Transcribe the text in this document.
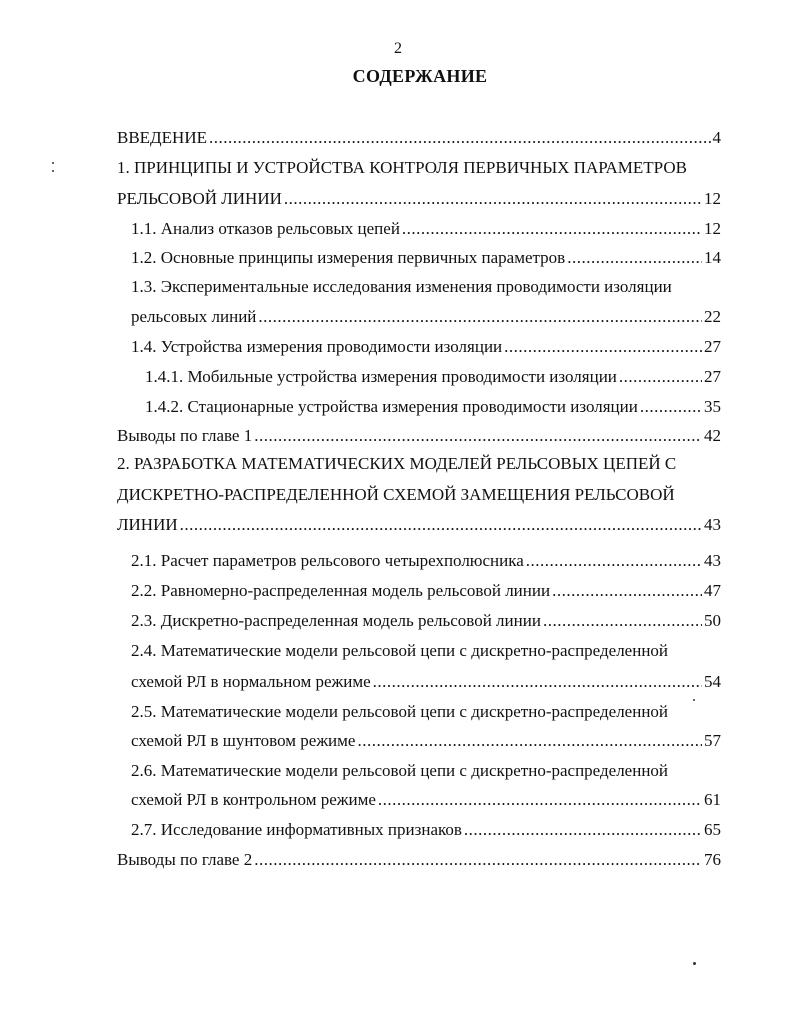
2
СОДЕРЖАНИЕ
ВВЕДЕНИЕ .....	4
1. ПРИНЦИПЫ И УСТРОЙСТВА КОНТРОЛЯ ПЕРВИЧНЫХ ПАРАМЕТРОВ
РЕЛЬСОВОЙ ЛИНИИ .....	12
1.1. Анализ отказов рельсовых цепей .....	12
1.2. Основные принципы измерения первичных параметров .....	14
1.3. Экспериментальные исследования изменения проводимости изоляции
рельсовых линий .....	22
1.4. Устройства измерения проводимости изоляции .....	27
1.4.1. Мобильные устройства измерения проводимости изоляции .....	27
1.4.2. Стационарные устройства измерения проводимости изоляции .....	35
Выводы по главе 1 .....	42
2. РАЗРАБОТКА МАТЕМАТИЧЕСКИХ МОДЕЛЕЙ РЕЛЬСОВЫХ ЦЕПЕЙ С
ДИСКРЕТНО-РАСПРЕДЕЛЕННОЙ СХЕМОЙ ЗАМЕЩЕНИЯ РЕЛЬСОВОЙ
ЛИНИИ .....	43
2.1. Расчет параметров рельсового четырехполюсника .....	43
2.2. Равномерно-распределенная модель рельсовой линии .....	47
2.3. Дискретно-распределенная модель рельсовой линии .....	50
2.4. Математические модели рельсовой цепи с дискретно-распределенной
схемой РЛ в нормальном режиме .....	54
2.5. Математические модели рельсовой цепи с дискретно-распределенной
схемой РЛ в шунтовом режиме .....	57
2.6. Математические модели рельсовой цепи с дискретно-распределенной
схемой РЛ в контрольном режиме .....	61
2.7. Исследование информативных признаков .....	65
Выводы по главе 2 .....	76
